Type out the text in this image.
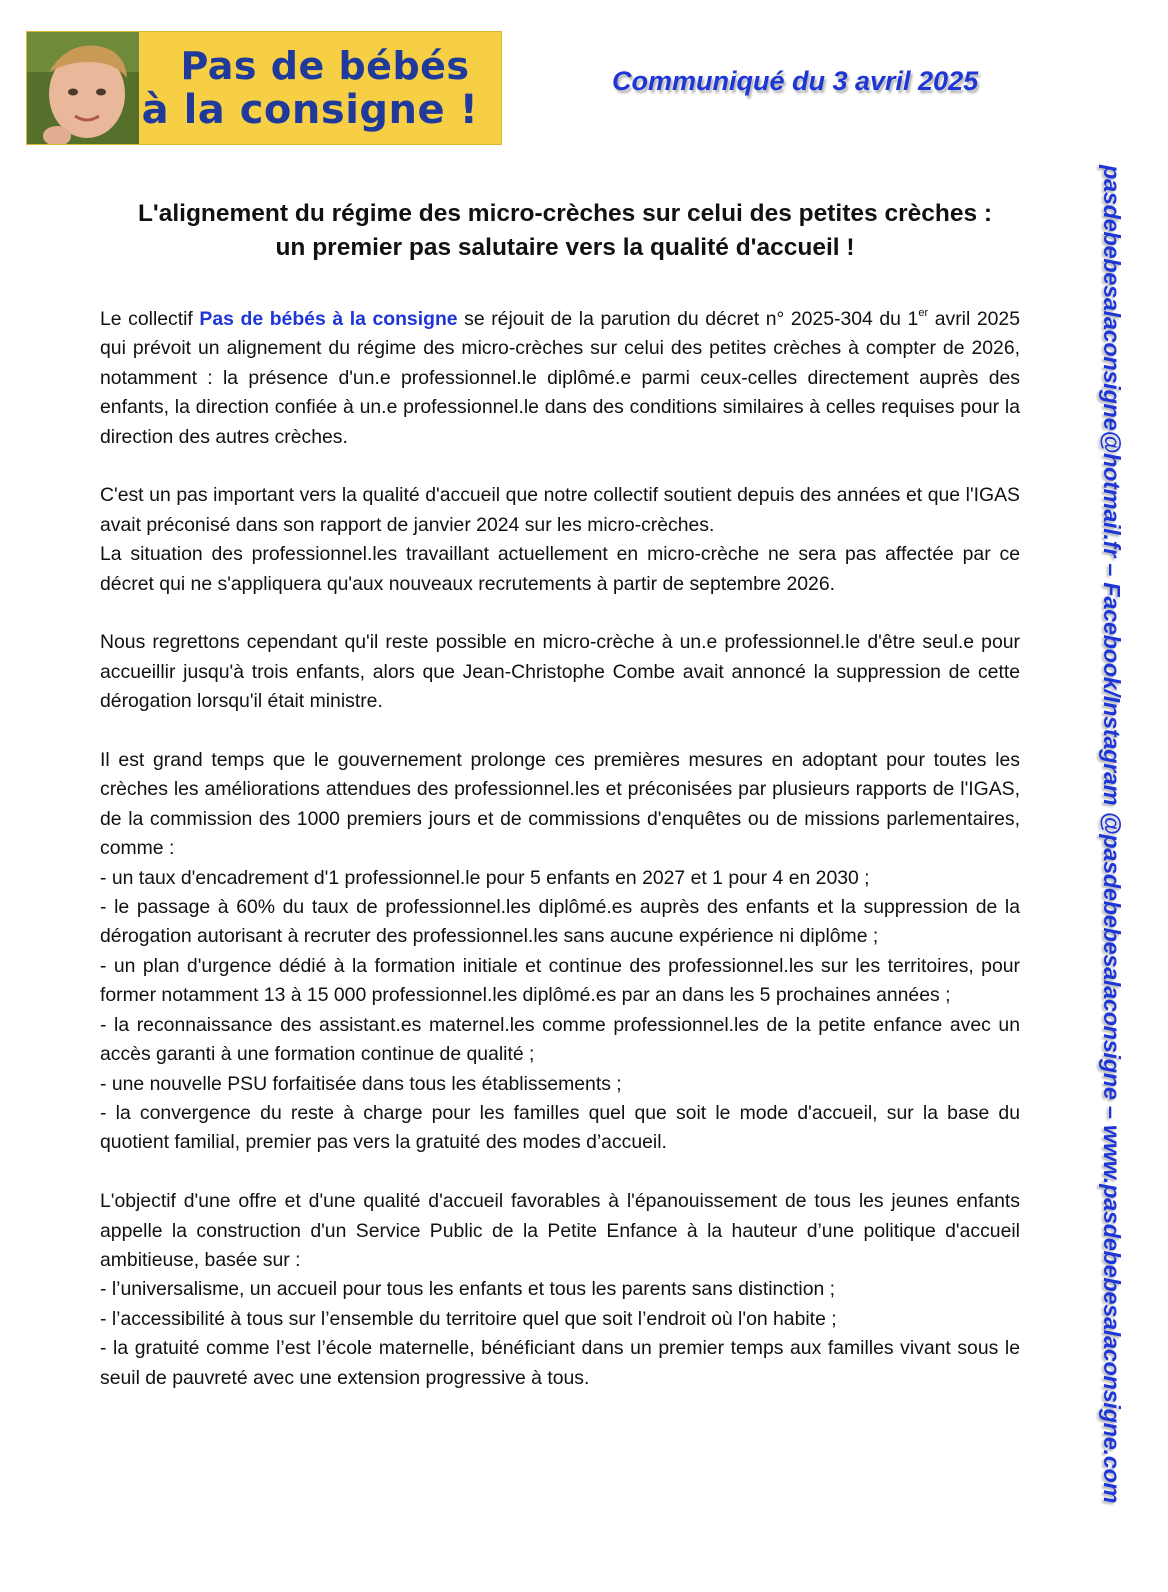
Pas de bébés
à la consigne !
Communiqué du 3 avril 2025
pasdebebesalaconsigne@hotmail.fr – Facebook/Instagram @pasdebebesalaconsigne – www.pasdebebesalaconsigne.com
L'alignement du régime des micro-crèches sur celui des petites crèches :
un premier pas salutaire vers la qualité d'accueil !

Le collectif Pas de bébés à la consigne se réjouit de la parution du décret n° 2025-304 du 1er avril 2025 qui prévoit un alignement du régime des micro-crèches sur celui des petites crèches à compter de 2026, notamment : la présence d'un.e professionnel.le diplômé.e parmi ceux-celles directement auprès des enfants, la direction confiée à un.e professionnel.le dans des conditions similaires à celles requises pour la direction des autres crèches.

C'est un pas important vers la qualité d'accueil que notre collectif soutient depuis des années et que l'IGAS avait préconisé dans son rapport de janvier 2024 sur les micro-crèches.
La situation des professionnel.les travaillant actuellement en micro-crèche ne sera pas affectée par ce décret qui ne s'appliquera qu'aux nouveaux recrutements à partir de septembre 2026.

Nous regrettons cependant qu'il reste possible en micro-crèche à un.e professionnel.le d'être seul.e pour accueillir jusqu'à trois enfants, alors que Jean-Christophe Combe avait annoncé la suppression de cette dérogation lorsqu'il était ministre.

Il est grand temps que le gouvernement prolonge ces premières mesures en adoptant pour toutes les crèches les améliorations attendues des professionnel.les et préconisées par plusieurs rapports de l'IGAS, de la commission des 1000 premiers jours et de commissions d'enquêtes ou de missions parlementaires, comme :
- un taux d'encadrement d'1 professionnel.le pour 5 enfants en 2027 et 1 pour 4 en 2030 ;
- le passage à 60% du taux de professionnel.les diplômé.es auprès des enfants et la suppression de la dérogation autorisant à recruter des professionnel.les sans aucune expérience ni diplôme ;
- un plan d'urgence dédié à la formation initiale et continue des professionnel.les sur les territoires, pour former notamment 13 à 15 000 professionnel.les diplômé.es par an dans les 5 prochaines années ;
- la reconnaissance des assistant.es maternel.les comme professionnel.les de la petite enfance avec un accès garanti à une formation continue de qualité ;
- une nouvelle PSU forfaitisée dans tous les établissements ;
- la convergence du reste à charge pour les familles quel que soit le mode d'accueil, sur la base du quotient familial, premier pas vers la gratuité des modes d’accueil.
L'objectif d'une offre et d'une qualité d'accueil favorables à l'épanouissement de tous les jeunes enfants appelle la construction d'un Service Public de la Petite Enfance à la hauteur d’une politique d'accueil ambitieuse, basée sur :
- l’universalisme, un accueil pour tous les enfants et tous les parents sans distinction ;
- l’accessibilité à tous sur l’ensemble du territoire quel que soit l’endroit où l'on habite ;
- la gratuité comme l’est l’école maternelle, bénéficiant dans un premier temps aux familles vivant sous le seuil de pauvreté avec une extension progressive à tous.
